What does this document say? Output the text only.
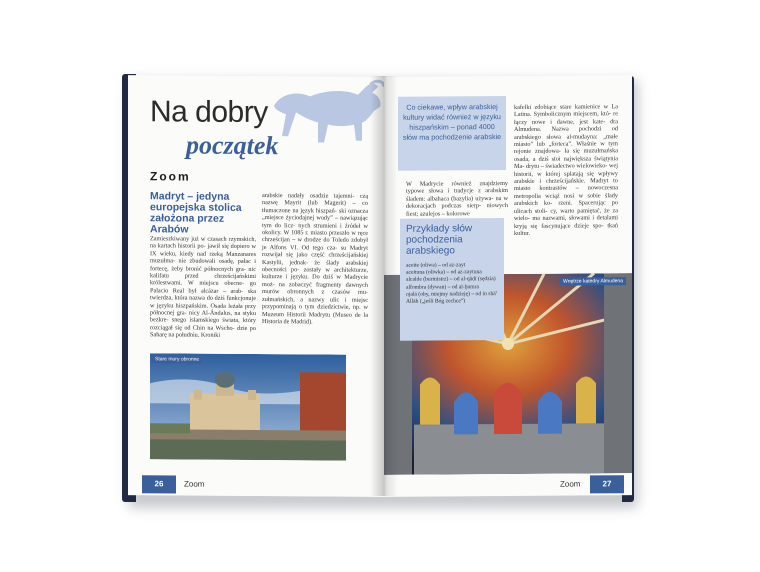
Na dobry
początek
Zoom
Madryt – jedyna europejska stolica założona przez Arabów
Zamieszkiwany już w czasach rzymskich, na kartach historii po- jawił się dopiero w IX wieku, kiedy nad rzeką Manzanares muzułma- nie zbudowali osadę, pałac i fortecę, żeby bronić północnych gra- nic kalifatu przed chrześcijańskimi królestwami. W miejscu obecne- go Palacio Real był alcázar – arab- ska twierdza, która nazwa do dziś funkcjonuje w języku hiszpańskim. Osada leżała przy północnej gra- nicy Al-Ándalus, na styku bezkre- snego islamskiego świata, który rozciągał się od Chin na Wscho- dzie po Saharę na południu. Kroniki
arabskie nadały osadzie tajemni- czą nazwę Mayrit (lub Magerit) – co tłumaczone na język hiszpań- ski oznacza „miejsce życiodajnej wody” – nawiązując tym do licz- nych strumieni i źródeł w okolicy. W 1085 r. miasto przeszło w ręce chrześcijan – w drodze do Toledo zdobył je Alfons VI. Od tego cza- su Madryt rozwijał się jako część chrześcijańskiej Kastylii, jednak- że ślady arabskiej obecności po- zostały w architekturze, kulturze i języku. Do dziś w Madrycie moż- na zobaczyć fragmenty dawnych murów obronnych z czasów mu- zułmańskich, a nazwy ulic i miejsc przypominają o tym dziedzictwie, np. w Muzeum Historii Madrytu (Museo de la Historia de Madrid).
Stare mury obronne
26	Zoom
Co ciekawe, wpływ arabskiej kultury widać również w języku hiszpańskim – ponad 4000 słów ma pochodzenie arabskie
W Madrycie również znajdziemy typowe słowa i tradycje z arabskim śladem: albahaca (bazylia) używa- na w dekoracjach podczas sierp- niowych fiest; azulejos – kolorowe
kafelki zdobiące stare kamienice w La Latina. Symbolicznym miejscem, któ- re łączy nowe i dawne, jest kate- dra Almudena. Nazwa pochodzi od arabskiego słowa al-mudayna: „małe miasto” lub „forteca”. Właśnie w tym rejonie znajdowa- ła się muzułmańska osada, a dziś stoi największa świątynia Ma- drytu – świadectwo wielowieko- wej historii, w której splatają się wpływy arabskie i chrześcijańskie. Madryt to miasto kontrastów – nowoczesna metropolia wciąż nosi w sobie ślady arabskich ko- rzeni. Spacerując po ulicach stoli- cy, warto pamiętać, że za wielo- ma nazwami, słowami i detalami kryją się fascynujące dzieje spo- tkań kultur.
Wnętrze katedry Almudena
Przykłady słów pochodzenia arabskiego
aceite (oliwa) – od az-zayt
aceituna (oliwka) – od az-zaytuna
alcalde (burmistrz) – od al-qāḍī (sędzia)
alfombra (dywan) – od al-ḫumra
ojalá (oby, miejmy nadzieję) – od in shā’ Allāh („jeśli Bóg zechce”)
Zoom	27
